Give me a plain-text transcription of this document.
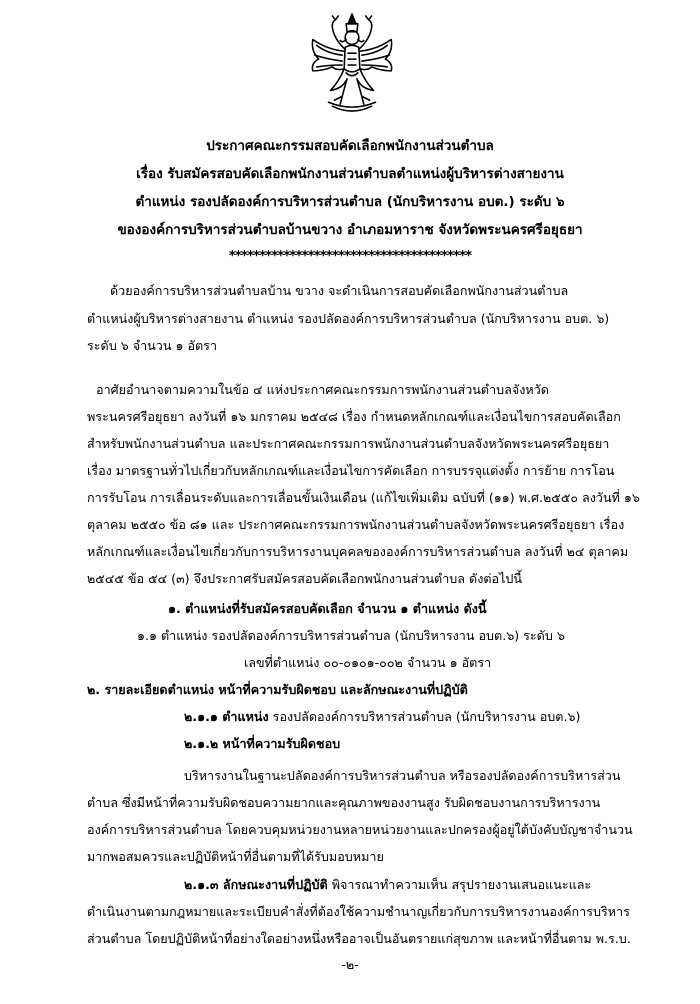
ประกาศคณะกรรมสอบคัดเลือกพนักงานส่วนตำบล
เรื่อง รับสมัครสอบคัดเลือกพนักงานส่วนตำบลตำแหน่งผู้บริหารต่างสายงาน
ตำแหน่ง รองปลัดองค์การบริหารส่วนตำบล (นักบริหารงาน อบต.) ระดับ ๖
ขององค์การบริหารส่วนตำบลบ้านขวาง อำเภอมหาราช จังหวัดพระนครศรีอยุธยา
****************************************
ด้วยองค์การบริหารส่วนตำบลบ้าน ขวาง จะดำเนินการสอบคัดเลือกพนักงานส่วนตำบล
ตำแหน่งผู้บริหารต่างสายงาน ตำแหน่ง รองปลัดองค์การบริหารส่วนตำบล (นักบริหารงาน อบต. ๖)
ระดับ ๖ จำนวน ๑ อัตรา
อาศัยอำนาจตามความในข้อ ๔ แห่งประกาศคณะกรรมการพนักงานส่วนตำบลจังหวัด
พระนครศรีอยุธยา ลงวันที่ ๑๖ มกราคม ๒๕๔๘ เรื่อง กำหนดหลักเกณฑ์และเงื่อนไขการสอบคัดเลือก
สำหรับพนักงานส่วนตำบล และประกาศคณะกรรมการพนักงานส่วนตำบลจังหวัดพระนครศรีอยุธยา
เรื่อง มาตรฐานทั่วไปเกี่ยวกับหลักเกณฑ์และเงื่อนไขการคัดเลือก การบรรจุแต่งตั้ง การย้าย การโอน
การรับโอน การเลื่อนระดับและการเลื่อนขั้นเงินเดือน (แก้ไขเพิ่มเติม ฉบับที่ (๑๑) พ.ศ.๒๕๕๐ ลงวันที่ ๑๖
ตุลาคม ๒๕๕๐ ข้อ ๘๑ และ ประกาศคณะกรรมการพนักงานส่วนตำบลจังหวัดพระนครศรีอยุธยา เรื่อง
หลักเกณฑ์และเงื่อนไขเกี่ยวกับการบริหารงานบุคคลขององค์การบริหารส่วนตำบล ลงวันที่ ๒๔ ตุลาคม
๒๕๔๕ ข้อ ๕๔ (๓) จึงประกาศรับสมัครสอบคัดเลือกพนักงานส่วนตำบล ดังต่อไปนี้
๑. ตำแหน่งที่รับสมัครสอบคัดเลือก จำนวน ๑ ตำแหน่ง ดังนี้
๑.๑ ตำแหน่ง รองปลัดองค์การบริหารส่วนตำบล (นักบริหารงาน อบต.๖) ระดับ ๖
เลขที่ตำแหน่ง ๐๐-๐๑๐๑-๐๐๒ จำนวน ๑ อัตรา
๒. รายละเอียดตำแหน่ง หน้าที่ความรับผิดชอบ และลักษณะงานที่ปฏิบัติ
๒.๑.๑ ตำแหน่ง รองปลัดองค์การบริหารส่วนตำบล (นักบริหารงาน อบต.๖)
๒.๑.๒ หน้าที่ความรับผิดชอบ
บริหารงานในฐานะปลัดองค์การบริหารส่วนตำบล หรือรองปลัดองค์การบริหารส่วน
ตำบล ซึ่งมีหน้าที่ความรับผิดชอบความยากและคุณภาพของงานสูง รับผิดชอบงานการบริหารงาน
องค์การบริหารส่วนตำบล โดยควบคุมหน่วยงานหลายหน่วยงานและปกครองผู้อยู่ใต้บังคับบัญชาจำนวน
มากพอสมควรและปฏิบัติหน้าที่อื่นตามที่ได้รับมอบหมาย
๒.๑.๓ ลักษณะงานที่ปฏิบัติ พิจารณาทำความเห็น สรุปรายงานเสนอแนะและ
ดำเนินงานตามกฎหมายและระเบียบคำสั่งที่ต้องใช้ความชำนาญเกี่ยวกับการบริหารงานองค์การบริหาร
ส่วนตำบล โดยปฏิบัติหน้าที่อย่างใดอย่างหนึ่งหรืออาจเป็นอันตรายแก่สุขภาพ และหน้าที่อื่นตาม พ.ร.บ.
-๒-
